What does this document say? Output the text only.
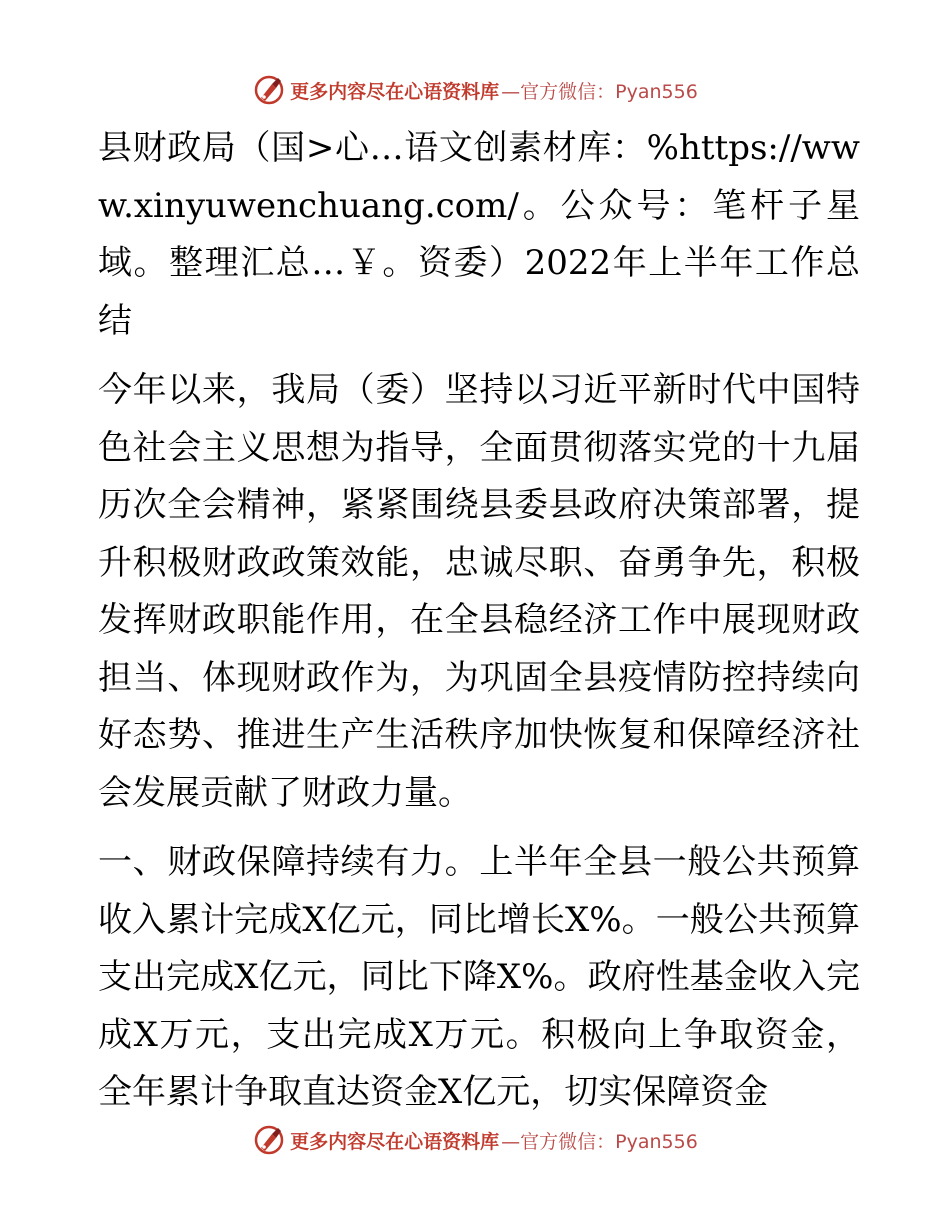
更多内容尽在心语资料库 —官方微信：Pyan556

县财政局（国>心…语文创素材库：%https://www.xinyuwenchuang.com/。公众号：笔杆子星域。整理汇总…￥。资委）2022年上半年工作总结

今年以来，我局（委）坚持以习近平新时代中国特色社会主义思想为指导，全面贯彻落实党的十九届历次全会精神，紧紧围绕县委县政府决策部署，提升积极财政政策效能，忠诚尽职、奋勇争先，积极发挥财政职能作用，在全县稳经济工作中展现财政担当、体现财政作为，为巩固全县疫情防控持续向好态势、推进生产生活秩序加快恢复和保障经济社会发展贡献了财政力量。

一、财政保障持续有力。上半年全县一般公共预算收入累计完成X亿元，同比增长X%。一般公共预算支出完成X亿元，同比下降X%。政府性基金收入完成X万元，支出完成X万元。积极向上争取资金，全年累计争取直达资金X亿元，切实保障资金

更多内容尽在心语资料库 —官方微信：Pyan556
